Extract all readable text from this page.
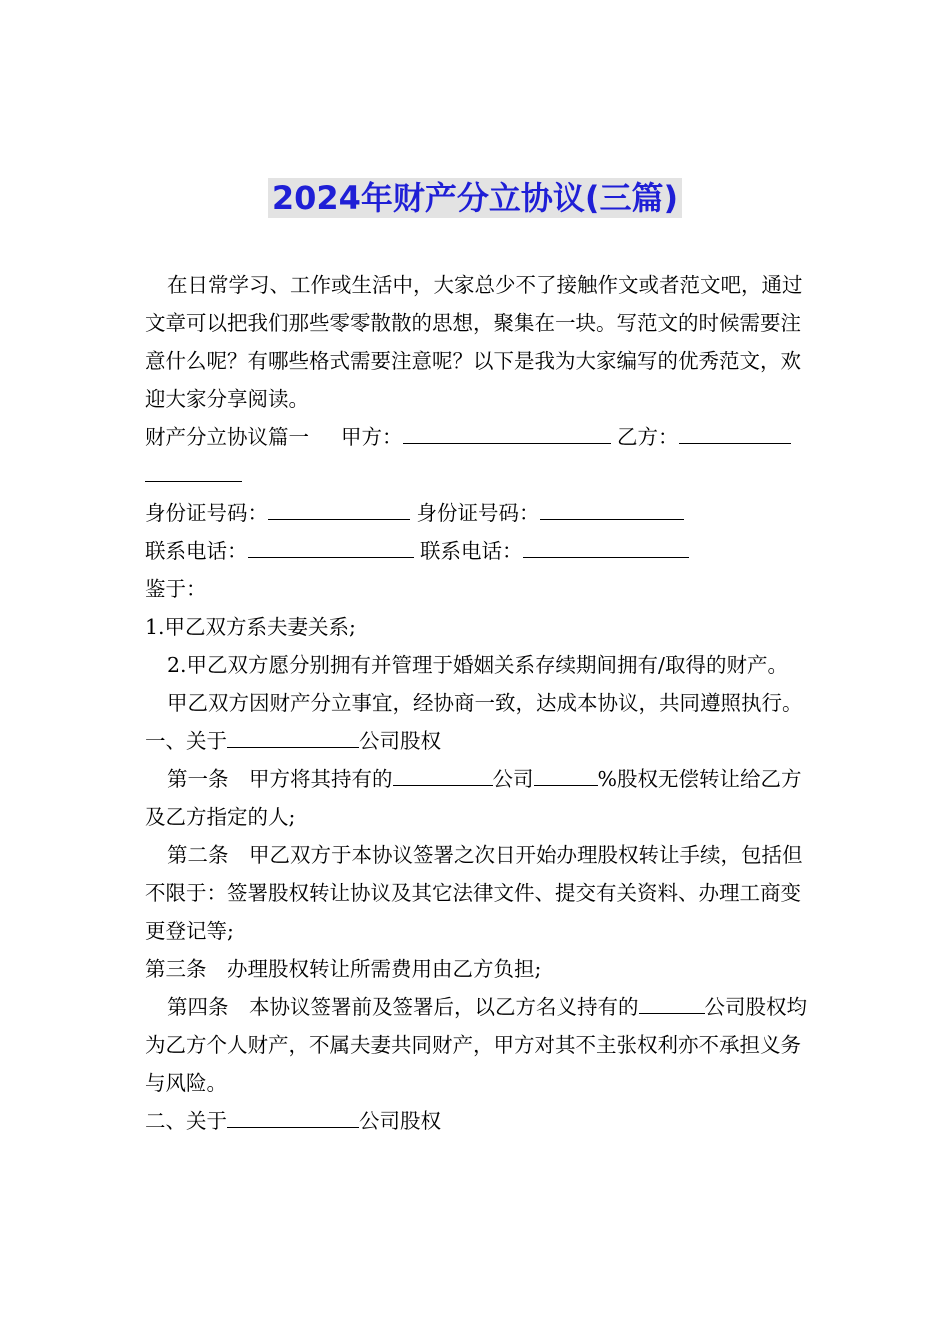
2024年财产分立协议(三篇)

在日常学习、工作或生活中，大家总少不了接触作文或者范文吧，通过文章可以把我们那些零零散散的思想，聚集在一块。写范文的时候需要注意什么呢？有哪些格式需要注意呢？以下是我为大家编写的优秀范文，欢迎大家分享阅读。

财产分立协议篇一 甲方：	乙方：

身份证号码：	身份证号码：

联系电话：	联系电话：

鉴于：

1.甲乙双方系夫妻关系;

2.甲乙双方愿分别拥有并管理于婚姻关系存续期间拥有/取得的财产。

甲乙双方因财产分立事宜，经协商一致，达成本协议，共同遵照执行。

一、关于	公司股权

第一条　甲方将其持有的	公司	%股权无偿转让给乙方及乙方指定的人;

第二条　甲乙双方于本协议签署之次日开始办理股权转让手续，包括但不限于：签署股权转让协议及其它法律文件、提交有关资料、办理工商变更登记等;

第三条　办理股权转让所需费用由乙方负担;

第四条　本协议签署前及签署后，以乙方名义持有的	公司股权均为乙方个人财产，不属夫妻共同财产，甲方对其不主张权利亦不承担义务与风险。

二、关于	公司股权
